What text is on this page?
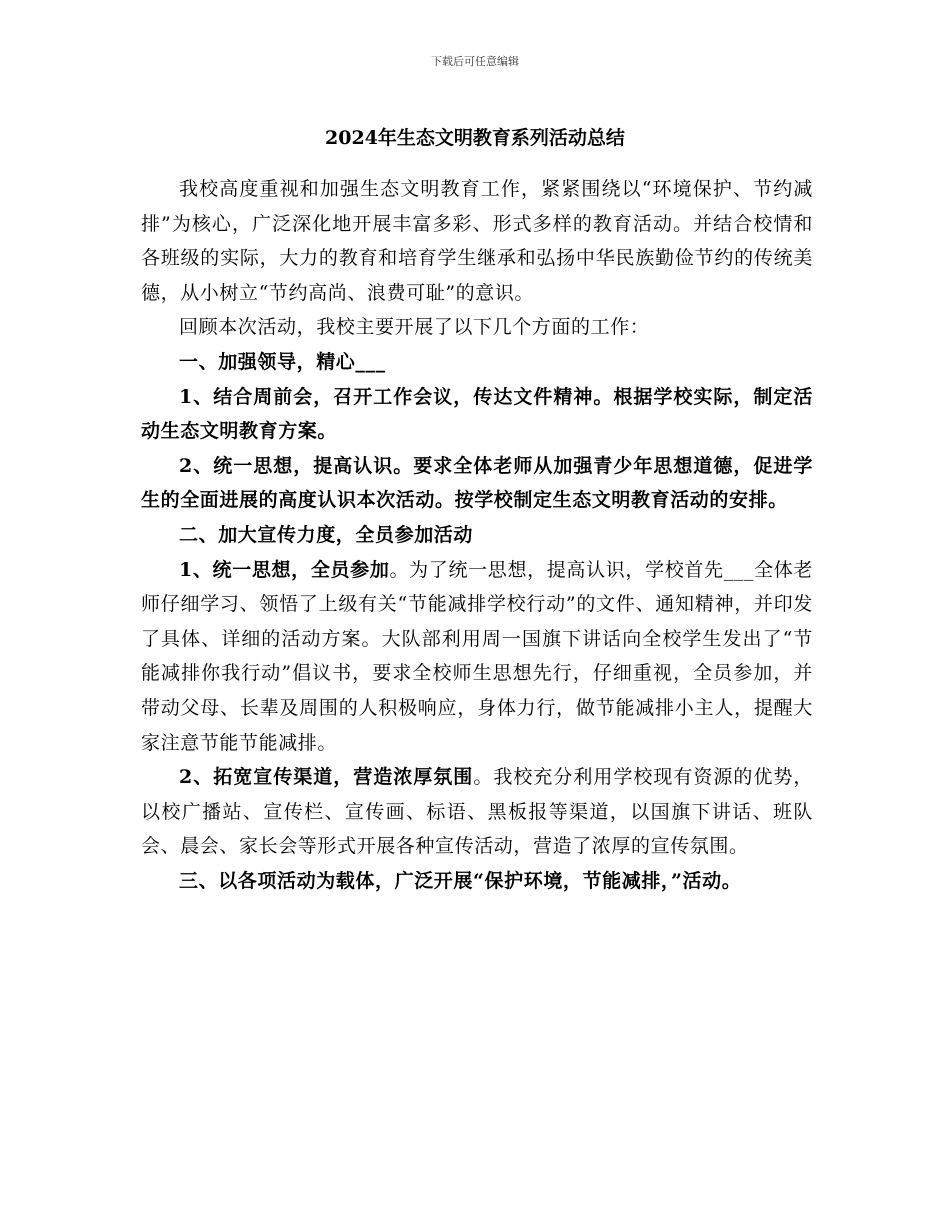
下载后可任意编辑
2024年生态文明教育系列活动总结

我校高度重视和加强生态文明教育工作，紧紧围绕以“环境保护、节约减排”为核心，广泛深化地开展丰富多彩、形式多样的教育活动。并结合校情和各班级的实际，大力的教育和培育学生继承和弘扬中华民族勤俭节约的传统美德，从小树立“节约高尚、浪费可耻”的意识。

回顾本次活动，我校主要开展了以下几个方面的工作：

一、加强领导，精心___

1、结合周前会，召开工作会议，传达文件精神。根据学校实际，制定活动生态文明教育方案。

2、统一思想，提高认识。要求全体老师从加强青少年思想道德，促进学生的全面进展的高度认识本次活动。按学校制定生态文明教育活动的安排。

二、加大宣传力度，全员参加活动

1、统一思想，全员参加。为了统一思想，提高认识，学校首先___全体老师仔细学习、领悟了上级有关“节能减排学校行动”的文件、通知精神，并印发了具体、详细的活动方案。大队部利用周一国旗下讲话向全校学生发出了“节能减排你我行动”倡议书，要求全校师生思想先行，仔细重视，全员参加，并带动父母、长辈及周围的人积极响应，身体力行，做节能减排小主人，提醒大家注意节能节能减排。

2、拓宽宣传渠道，营造浓厚氛围。我校充分利用学校现有资源的优势，以校广播站、宣传栏、宣传画、标语、黑板报等渠道，以国旗下讲话、班队会、晨会、家长会等形式开展各种宣传活动，营造了浓厚的宣传氛围。

三、以各项活动为载体，广泛开展“保护环境，节能减排，”活动。
